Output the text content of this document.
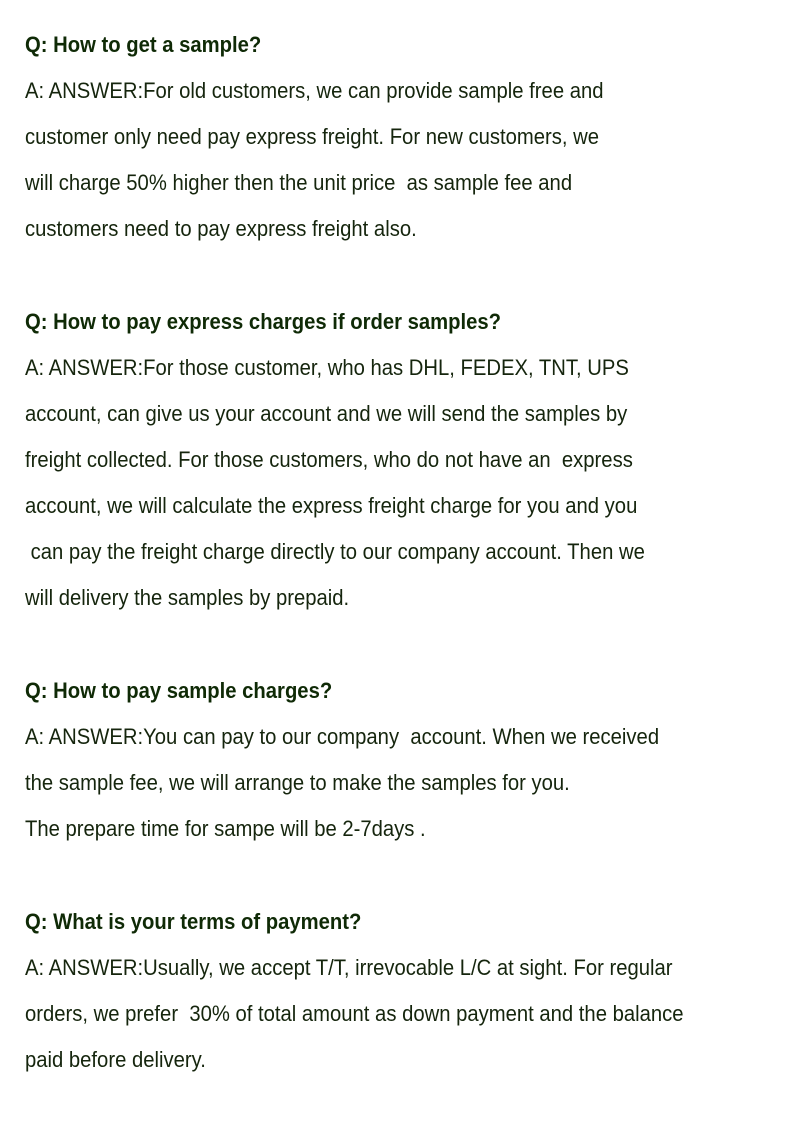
Q: How to get a sample?
A: ANSWER:For old customers, we can provide sample free and
customer only need pay express freight. For new customers, we
will charge 50% higher then the unit price  as sample fee and
customers need to pay express freight also.
Q: How to pay express charges if order samples?
A: ANSWER:For those customer, who has DHL, FEDEX, TNT, UPS
account, can give us your account and we will send the samples by
freight collected. For those customers, who do not have an  express
account, we will calculate the express freight charge for you and you
can pay the freight charge directly to our company account. Then we
will delivery the samples by prepaid.
Q: How to pay sample charges?
A: ANSWER:You can pay to our company  account. When we received
the sample fee, we will arrange to make the samples for you.
The prepare time for sampe will be 2-7days .
Q: What is your terms of payment?
A: ANSWER:Usually, we accept T/T, irrevocable L/C at sight. For regular
orders, we prefer  30% of total amount as down payment and the balance
paid before delivery.
